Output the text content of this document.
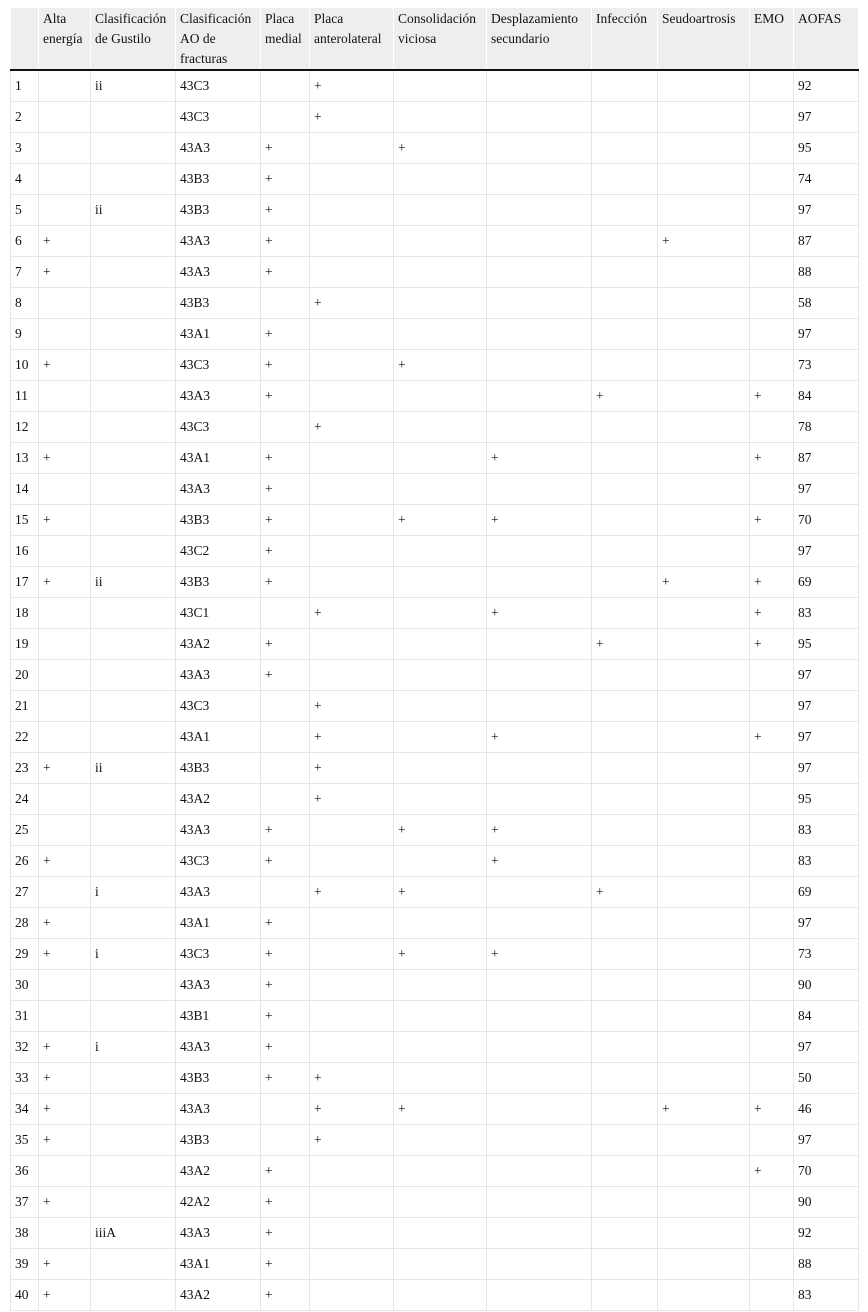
	Alta energía	Clasificación de Gustilo	Clasificación AO de fracturas	Placa medial	Placa anterolateral	Consolidación viciosa	Desplazamiento secundario	Infección	Seudoartrosis	EMO	AOFAS
1		ii	43C3		+						92
2			43C3		+						97
3			43A3	+		+					95
4			43B3	+							74
5		ii	43B3	+							97
6	+		43A3	+					+		87
7	+		43A3	+							88
8			43B3		+						58
9			43A1	+							97
10	+		43C3	+		+					73
11			43A3	+				+		+	84
12			43C3		+						78
13	+		43A1	+			+			+	87
14			43A3	+							97
15	+		43B3	+		+	+			+	70
16			43C2	+							97
17	+	ii	43B3	+					+	+	69
18			43C1		+		+			+	83
19			43A2	+				+		+	95
20			43A3	+							97
21			43C3		+						97
22			43A1		+		+			+	97
23	+	ii	43B3		+						97
24			43A2		+						95
25			43A3	+		+	+				83
26	+		43C3	+			+				83
27		i	43A3		+	+		+			69
28	+		43A1	+							97
29	+	i	43C3	+		+	+				73
30			43A3	+							90
31			43B1	+							84
32	+	i	43A3	+							97
33	+		43B3	+	+						50
34	+		43A3		+	+			+	+	46
35	+		43B3		+						97
36			43A2	+						+	70
37	+		42A2	+							90
38		iiiA	43A3	+							92
39	+		43A1	+							88
40	+		43A2	+							83
